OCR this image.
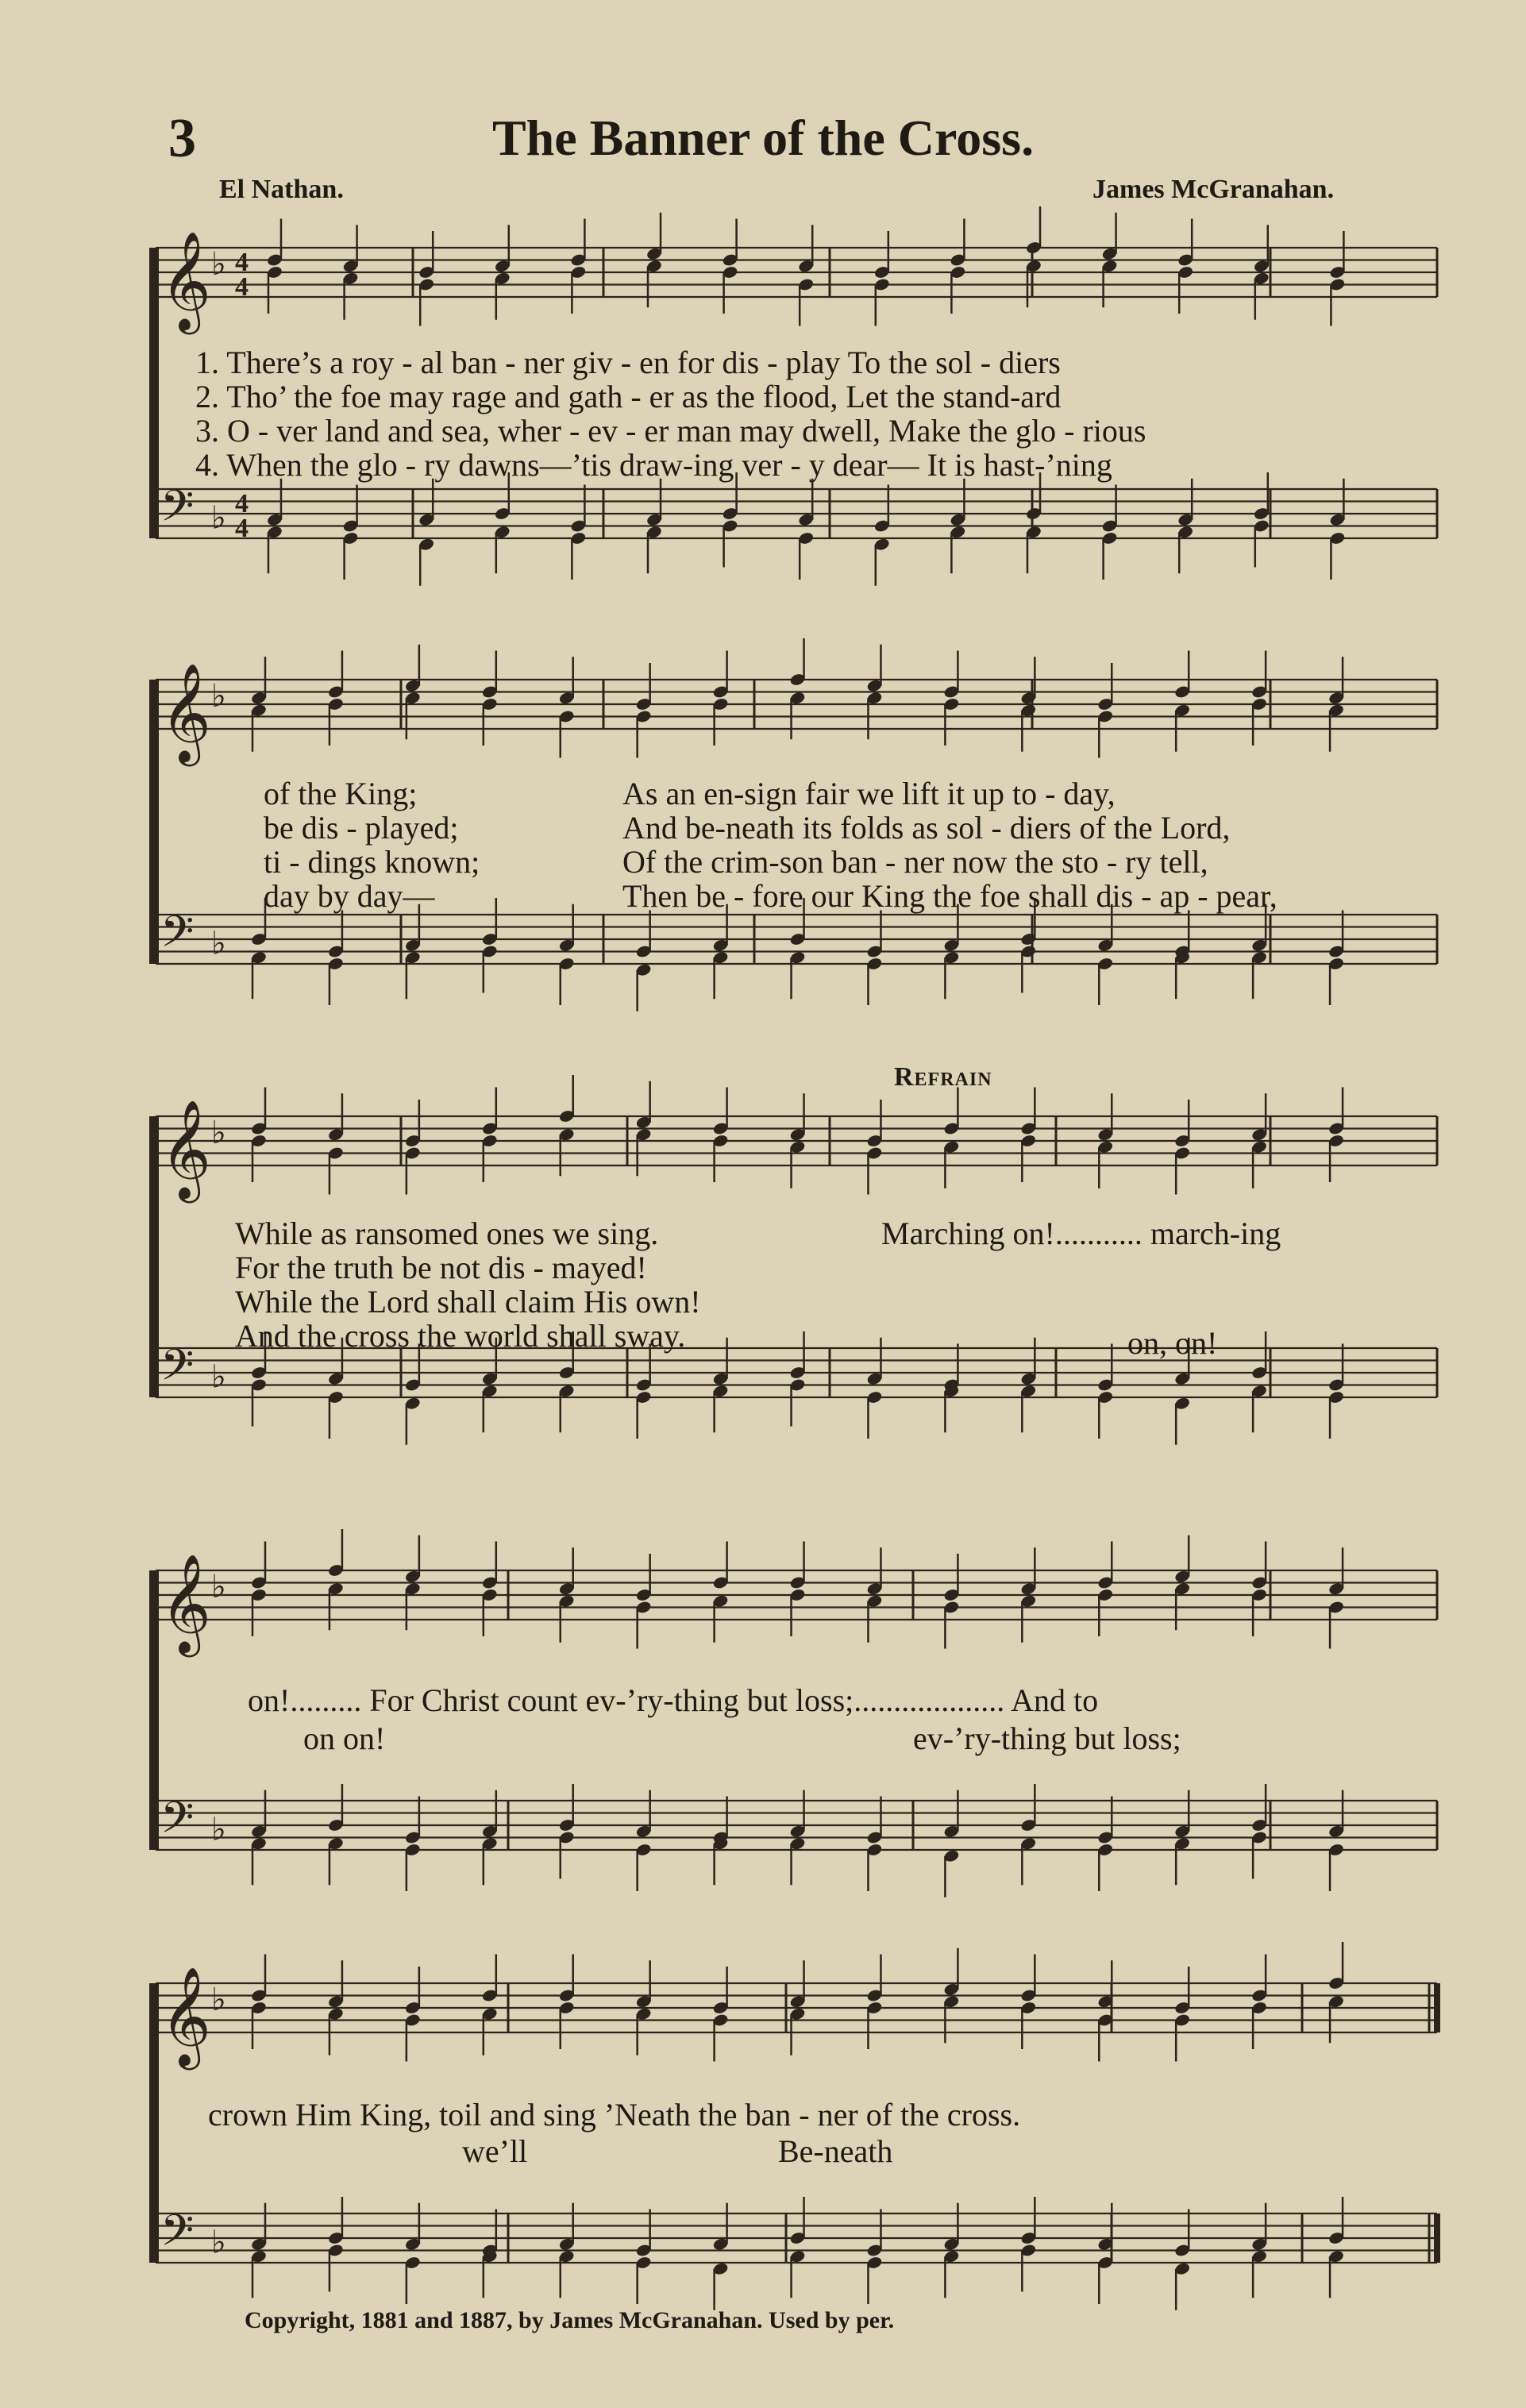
𝄞 ♭ 4
4
𝄢 ♭ 4
4
𝄞 ♭
𝄢 ♭
𝄞 ♭
𝄢 ♭
𝄞 ♭
𝄢 ♭
𝄞 ♭
𝄢 ♭
3	The Banner of the Cross.
El Nathan.	James McGranahan.
1. There’s a roy - al ban - ner giv - en for dis - play To the sol - diers
2. Tho’ the foe may rage and gath - er as the flood, Let the stand-ard
3. O - ver land and sea, wher - ev - er man may dwell, Make the glo - rious
4. When the glo - ry dawns—’tis draw-ing ver - y dear— It is hast-’ning
of the King;
be dis - played;
ti - dings known;
day by day—
As an en-sign fair we lift it up to - day,
And be-neath its folds as sol - diers of the Lord,
Of the crim-son ban - ner now the sto - ry tell,
Then be - fore our King the foe shall dis - ap - pear,
Refrain
While as ransomed ones we sing.
For the truth be not dis - mayed!
While the Lord shall claim His own!
And the cross the world shall sway.
Marching on!........... march-ing
on, on!
on!......... For Christ count ev-’ry-thing but loss;................... And to
on on!	ev-’ry-thing but loss;
crown Him King, toil and sing ’Neath the ban - ner of the cross.
we’ll	Be-neath
Copyright, 1881 and 1887, by James McGranahan. Used by per.
